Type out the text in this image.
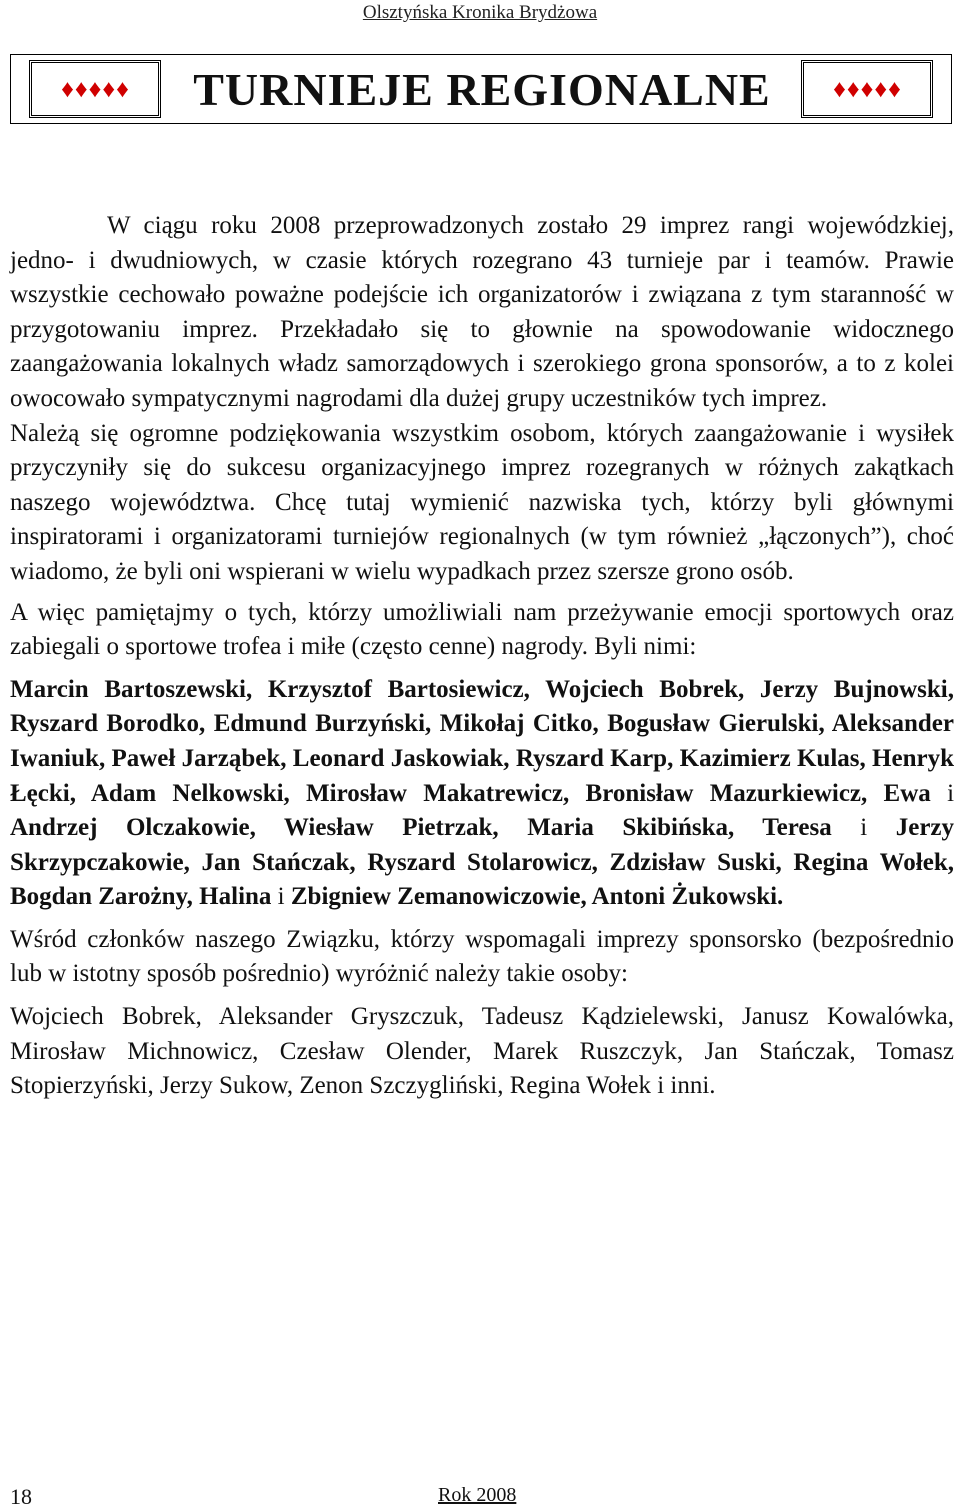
Olsztyńska Kronika Brydżowa
♦ ♦ ♦ ♦ ♦	TURNIEJE REGIONALNE	♦ ♦ ♦ ♦ ♦

W ciągu roku 2008 przeprowadzonych zostało 29 imprez rangi wojewódzkiej, jedno- i dwudniowych, w czasie których rozegrano 43 turnieje par i teamów. Prawie wszystkie cechowało poważne podejście ich organizatorów i związana z tym staranność w przygotowaniu imprez. Przekładało się to głownie na spowodowanie widocznego zaangażowania lokalnych władz samorządowych i szerokiego grona sponsorów, a to z kolei owocowało sympatycznymi nagrodami dla dużej grupy uczestników tych imprez.

Należą się ogromne podziękowania wszystkim osobom, których zaangażowanie i wysiłek przyczyniły się do sukcesu organizacyjnego imprez rozegranych w różnych zakątkach naszego województwa. Chcę tutaj wymienić nazwiska tych, którzy byli głównymi inspiratorami i organizatorami turniejów regionalnych (w tym również „łączonych”), choć wiadomo, że byli oni wspierani w wielu wypadkach przez szersze grono osób.

A więc pamiętajmy o tych, którzy umożliwiali nam przeżywanie emocji sportowych oraz zabiegali o sportowe trofea i miłe (często cenne) nagrody. Byli nimi:

Marcin Bartoszewski, Krzysztof Bartosiewicz, Wojciech Bobrek, Jerzy Bujnowski, Ryszard Borodko, Edmund Burzyński, Mikołaj Citko, Bogusław Gierulski, Aleksander Iwaniuk, Paweł Jarząbek, Leonard Jaskowiak, Ryszard Karp, Kazimierz Kulas, Henryk Łęcki, Adam Nelkowski, Mirosław Makatrewicz, Bronisław Mazurkiewicz, Ewa i Andrzej Olczakowie, Wiesław Pietrzak, Maria Skibińska, Teresa i Jerzy Skrzypczakowie, Jan Stańczak, Ryszard Stolarowicz, Zdzisław Suski, Regina Wołek, Bogdan Zarożny, Halina i Zbigniew Zemanowiczowie, Antoni Żukowski.

Wśród członków naszego Związku, którzy wspomagali imprezy sponsorsko (bezpośrednio lub w istotny sposób pośrednio) wyróżnić należy takie osoby:

Wojciech Bobrek, Aleksander Gryszczuk, Tadeusz Kądzielewski, Janusz Kowalówka, Mirosław Michnowicz, Czesław Olender, Marek Ruszczyk, Jan Stańczak, Tomasz Stopierzyński, Jerzy Sukow, Zenon Szczygliński, Regina Wołek i inni.

18	Rok 2008
